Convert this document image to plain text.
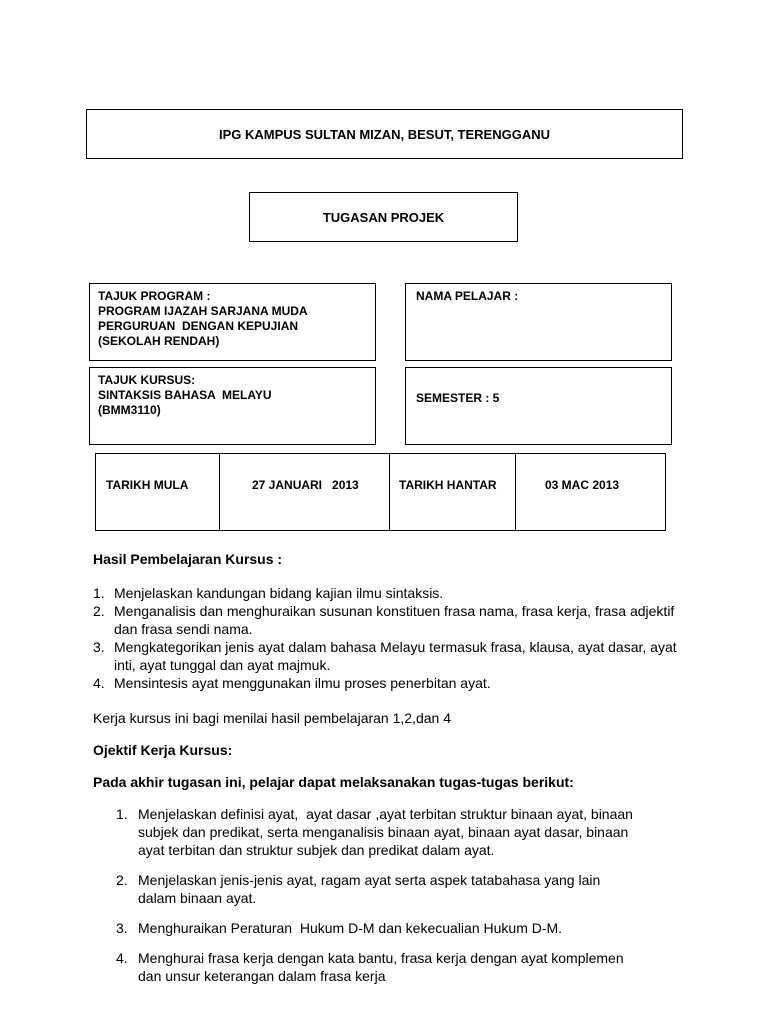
IPG KAMPUS SULTAN MIZAN, BESUT, TERENGGANU
TUGASAN PROJEK
TAJUK PROGRAM :
PROGRAM IJAZAH SARJANA MUDA
PERGURUAN  DENGAN KEPUJIAN
(SEKOLAH RENDAH)
NAMA PELAJAR :
TAJUK KURSUS:
SINTAKSIS BAHASA  MELAYU
(BMM3110)
SEMESTER : 5
TARIKH MULA	27 JANUARI   2013	TARIKH HANTAR	03 MAC 2013
Hasil Pembelajaran Kursus :
1. Menjelaskan kandungan bidang kajian ilmu sintaksis.
2. Menganalisis dan menghuraikan susunan konstituen frasa nama, frasa kerja, frasa adjektif dan frasa sendi nama.
3. Mengkategorikan jenis ayat dalam bahasa Melayu termasuk frasa, klausa, ayat dasar, ayat inti, ayat tunggal dan ayat majmuk.
4. Mensintesis ayat menggunakan ilmu proses penerbitan ayat.
Kerja kursus ini bagi menilai hasil pembelajaran 1,2,dan 4
Ojektif Kerja Kursus:
Pada akhir tugasan ini, pelajar dapat melaksanakan tugas-tugas berikut:
1. Menjelaskan definisi ayat,  ayat dasar ,ayat terbitan struktur binaan ayat, binaan subjek dan predikat, serta menganalisis binaan ayat, binaan ayat dasar, binaan ayat terbitan dan struktur subjek dan predikat dalam ayat.
2. Menjelaskan jenis-jenis ayat, ragam ayat serta aspek tatabahasa yang lain dalam binaan ayat.
3. Menghuraikan Peraturan  Hukum D-M dan kekecualian Hukum D-M.
4. Menghurai frasa kerja dengan kata bantu, frasa kerja dengan ayat komplemen dan unsur keterangan dalam frasa kerja
